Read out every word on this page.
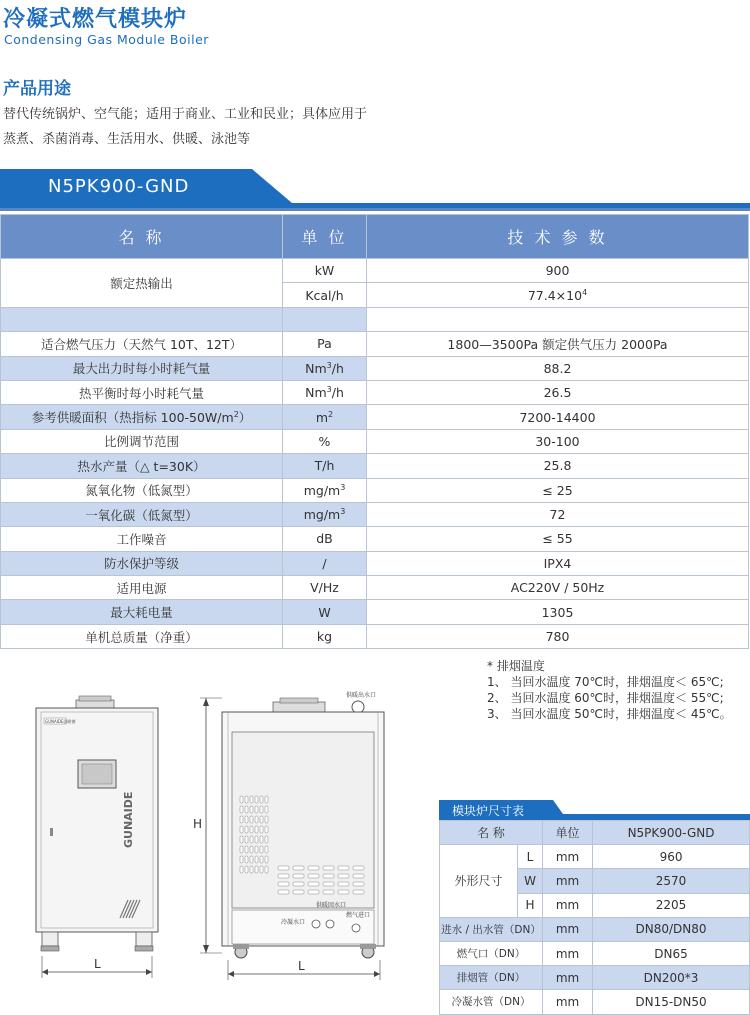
冷凝式燃气模块炉
Condensing Gas Module Boiler
产品用途
替代传统锅炉、空气能；适用于商业、工业和民业；具体应用于
蒸煮、杀菌消毒、生活用水、供暖、泳池等
N5PK900-GND
名 称	单 位	技 术 参 数
额定热输出	kW	900
	Kcal/h	$77.4\times 10^4$

适合燃气压力（天然气 10T、12T）	Pa	1800—3500Pa 额定供气压力 2000Pa
最大出力时每小时耗气量	Nm$^3$/h	88.2
热平衡时每小时耗气量	Nm$^3$/h	26.5
参考供暖面积（热指标 $100-50W/m^2$）	$m^2$	7200-14400
比例调节范围	%	30-100
热水产量（△ t=30K）	T/h	25.8
氮氧化物（低氮型）	$mg/m^3$	≤ 25
一氧化碳（低氮型）	$mg/m^3$	72
工作噪音	dB	≤ 55
防水保护等级	/	IPX4
适用电源	V/Hz	AC220V / 50Hz
最大耗电量	W	1305
单机总质量（净重）	kg	780
* 排烟温度
1、 当回水温度 70℃时，排烟温度＜ 65℃;
2、 当回水温度 60℃时，排烟温度＜ 55℃;
3、 当回水温度 50℃时，排烟温度＜ 45℃。
GUNAIDE固耐德
GUNAIDE
L
H
供暖出水口
供暖回水口
冷凝水口
燃气进口
L
模块炉尺寸表
名 称		单位	N5PK900-GND
外形尺寸	L	mm	960
	W	mm	2570
	H	mm	2205
进水 / 出水管（DN）		mm	DN80/DN80
燃气口（DN）		mm	DN65
排烟管（DN）		mm	DN200*3
冷凝水管（DN）		mm	DN15-DN50
